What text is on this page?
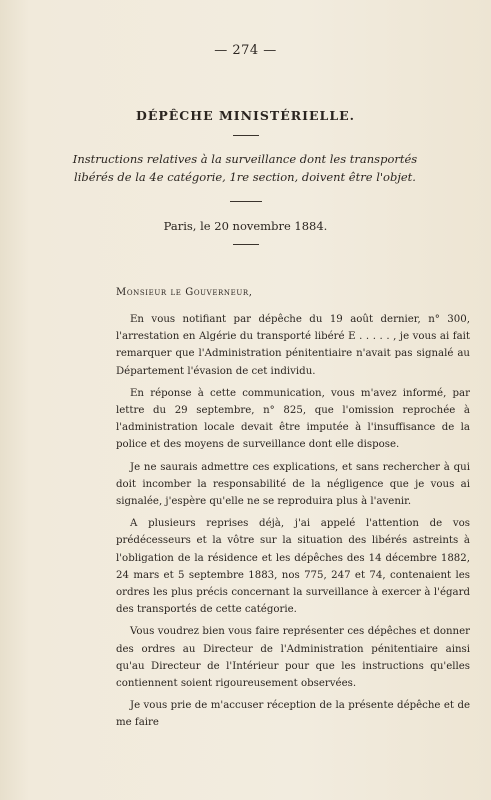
— 274 —
DÉPÊCHE MINISTÉRIELLE.
Instructions relatives à la surveillance dont les transportés libérés de la 4e catégorie, 1re section, doivent être l'objet.
Paris, le 20 novembre 1884.
Monsieur le Gouverneur,

En vous notifiant par dépêche du 19 août dernier, n° 300, l'arrestation en Algérie du transporté libéré E . . . . . , je vous ai fait remarquer que l'Administration pénitentiaire n'avait pas signalé au Département l'évasion de cet individu.

En réponse à cette communication, vous m'avez informé, par lettre du 29 septembre, n° 825, que l'omission reprochée à l'administration locale devait être imputée à l'insuffisance de la police et des moyens de surveillance dont elle dispose.

Je ne saurais admettre ces explications, et sans rechercher à qui doit incomber la responsabilité de la négligence que je vous ai signalée, j'espère qu'elle ne se reproduira plus à l'avenir.

A plusieurs reprises déjà, j'ai appelé l'attention de vos prédécesseurs et la vôtre sur la situation des libérés astreints à l'obligation de la résidence et les dépêches des 14 décembre 1882, 24 mars et 5 septembre 1883, nos 775, 247 et 74, contenaient les ordres les plus précis concernant la surveillance à exercer à l'égard des transportés de cette catégorie.

Vous voudrez bien vous faire représenter ces dépêches et donner des ordres au Directeur de l'Administration pénitentiaire ainsi qu'au Directeur de l'Intérieur pour que les instructions qu'elles contiennent soient rigoureusement observées.

Je vous prie de m'accuser réception de la présente dépêche et de me faire
